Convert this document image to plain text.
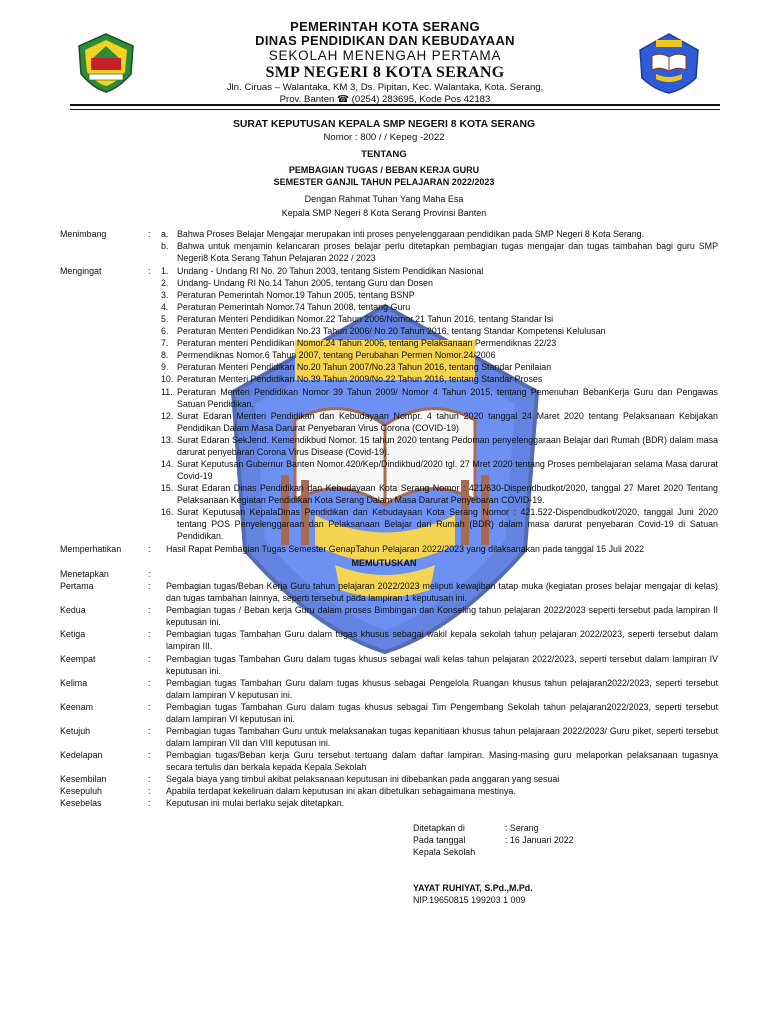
PEMERINTAH KOTA SERANG
DINAS PENDIDIKAN DAN KEBUDAYAAN
SEKOLAH MENENGAH PERTAMA
SMP NEGERI 8 KOTA SERANG
Jln. Ciruas – Walantaka, KM 3, Ds. Pipitan, Kec. Walantaka, Kota. Serang,
Prov. Banten ☎ (0254) 283695, Kode Pos 42183
SURAT KEPUTUSAN KEPALA SMP NEGERI 8 KOTA SERANG
Nomor : 800 / / Kepeg -2022
TENTANG
PEMBAGIAN TUGAS / BEBAN KERJA GURU
SEMESTER GANJIL TAHUN PELAJARAN 2022/2023
Dengan Rahmat Tuhan Yang Maha Esa
Kepala SMP Negeri 8 Kota Serang Provinsi Banten
Menimbang	:	a. Bahwa Proses Belajar Mengajar merupakan inti proses penyelenggaraan pendidikan pada SMP Negeri 8 Kota Serang.
b. Bahwa untuk menjamin kelancaran proses belajar perlu ditetapkan pembagian tugas mengajar dan tugas tambahan bagi guru SMP Negeri8 Kota Serang Tahun Pelajaran 2022 / 2023
Mengingat	:	1. Undang - Undang RI No. 20 Tahun 2003, tentang Sistem Pendidikan Nasional
2. Undang- Undang RI No.14 Tahun 2005, tentang Guru dan Dosen
3. Peraturan Pemerintah Nomor.19 Tahun 2005, tentang BSNP
4. Peraturan Pemerintah Nomor.74 Tahun 2008, tentang Guru
5. Peraturan Menteri Pendidikan Nomor.22 Tahun 2006/Nomor.21 Tahun 2016, tentang Standar Isi
6. Peraturan Menteri Pendidikan No.23 Tahun 2006/ No.20 Tahun 2016, tentang Standar Kompetensi Kelulusan
7. Peraturan menteri Pendidikan Nomor.24 Tahun 2006, tentang Pelaksanaan Permendiknas 22/23
8. Permendiknas Nomor.6 Tahun 2007, tentang Perubahan Permen Nomor.24/2006
9. Peraturan Menteri Pendidikan No.20 Tahun 2007/No.23 Tahun 2016, tentang Standar Penilaian
10. Peraturan Menteri Pendidikan No.39 Tahun 2009/No.22 Tahun 2016, tentang Standar Proses
11. Peraturan Menteri Pendidikan Nomor 39 Tahun 2009/ Nomor 4 Tahun 2015, tentang Pemenuhan BebanKerja Guru dan Pengawas Satuan Pendidikan.
12. Surat Edaran Menteri Pendidikan dan Kebudayaan Nompr. 4 tahun 2020 tanggal 24 Maret 2020 tentang Pelaksanaan Kebijakan Pendidikan Dalam Masa Darurat Penyebaran Virus Corona (COVID-19)
13. Surat Edaran SekJend. Kemendikbud Nomor. 15 tahun 2020 tentang Pedoman penyelenggaraan Belajar dari Rumah (BDR) dalam masa darurat penyebaran Corona Virus Disease (Covid-19).
14. Surat Keputusan Gubernur Banten Nomor.420/Kep/Dindikbud/2020 tgl. 27 Mret 2020 tentang Proses pembelajaran selama Masa darurat Covid-19
15. Surat Edaran Dinas Pendidikan dan Kebudayaan Kota Serang Nomor : 421/630-Dispendbudkot/2020, tanggal 27 Maret 2020 Tentang Pelaksanaan Kegiatan Pendidikan Kota Serang Dalam Masa Darurat Penyebaran COVID-19.
16. Surat Keputusan KepalaDinas Pendidikan dan Kebudayaan Kota Serang Nomor : 421.522-Dispendbudkot/2020, tanggal Juni 2020 tentang POS Penyelenggaraan dan Pelaksanaan Belajar dari Rumah (BDR) dalam masa darurat penyebaran Covid-19 di Satuan Pendidikan.
Memperhatikan	:	Hasil Rapat Pembagian Tugas Semester GenapTahun Pelajaran 2022/2023 yang dilaksanakan pada tanggal 15 Juli 2022
MEMUTUSKAN
Menetapkan	:
Pertama	:	Pembagian tugas/Beban Kerja Guru tahun pelajaran 2022/2023 meliputi kewajiban tatap muka (kegiatan proses belajar mengajar di kelas) dan tugas tambahan lainnya, seperti tersebut pada lampiran 1 keputusan ini.
Kedua	:	Pembagian tugas / Beban kerja Guru dalam proses Bimbingan dan Konseling tahun pelajaran 2022/2023 seperti tersebut pada lampiran II keputusan ini.
Ketiga	:	Pembagian tugas Tambahan Guru dalam tugas khusus sebagai wakil kepala sekolah tahun pelajaran 2022/2023, seperti tersebut dalam lampiran III.
Keempat	:	Pembagian tugas Tambahan Guru dalam tugas khusus sebagai wali kelas tahun pelajaran 2022/2023, seperti tersebut dalam lampiran IV keputusan ini.
Kelima	:	Pembagian tugas Tambahan Guru dalam tugas khusus sebagai Pengelola Ruangan khusus tahun pelajaran2022/2023, seperti tersebut dalam lampiran V keputusan ini.
Keenam	:	Pembagian tugas Tambahan Guru dalam tugas khusus sebagai Tim Pengembang Sekolah tahun pelajaran2022/2023, seperti tersebut dalam lampiran VI keputusan ini.
Ketujuh	:	Pembagian tugas Tambahan Guru untuk melaksanakan tugas kepanitiaan khusus tahun pelajaraan 2022/2023/ Guru piket, seperti tersebut dalam lampiran VII dan VIII keputusan ini.
Kedelapan	:	Pembagian tugas/Beban kerja Guru tersebut tertuang dalam daftar lampiran. Masing-masing guru melaporkan pelaksanaan tugasnya secara tertulis dan berkala kepada Kepala Sekolah
Kesembilan	:	Segala biaya yang timbul akibat pelaksanaan keputusan ini dibebankan pada anggaran yang sesuai
Kesepuluh	:	Apabila terdapat kekeliruan dalam keputusan ini akan dibetulkan sebagaimana mestinya.
Kesebelas	:	Keputusan ini mulai berlaku sejak ditetapkan.
Ditetapkan di	: Serang
Pada tanggal	: 16 Januari 2022
Kepala Sekolah
YAYAT RUHIYAT, S.Pd.,M.Pd.
NIP.19650815 199203 1 009
